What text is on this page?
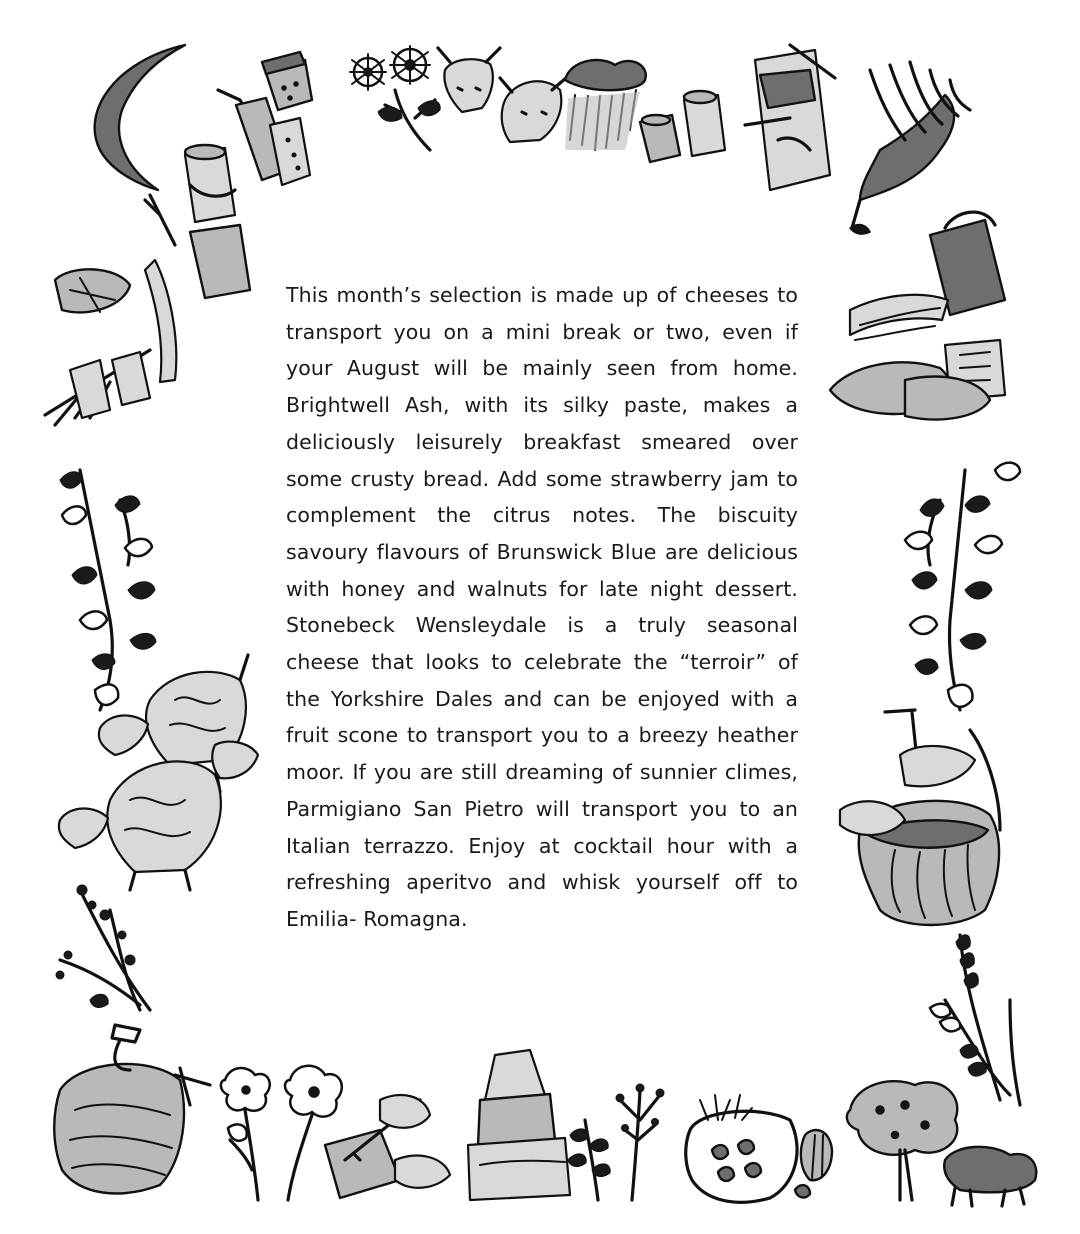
This month’s selection is made up of cheeses to transport you on a mini break or two, even if your August will be mainly seen from home. Brightwell Ash, with its silky paste, makes a deliciously leisurely breakfast smeared over some crusty bread. Add some strawberry jam to complement the citrus notes. The biscuity savoury flavours of Brunswick Blue are delicious with honey and walnuts for late night dessert. Stonebeck Wensleydale is a truly seasonal cheese that looks to celebrate the “terroir” of the Yorkshire Dales and can be enjoyed with a fruit scone to transport you to a breezy heather moor. If you are still dreaming of sunnier climes, Parmigiano San Pietro will transport you to an Italian terrazzo. Enjoy at cocktail hour with a refreshing aperitvo and whisk yourself off to Emilia- Romagna.
